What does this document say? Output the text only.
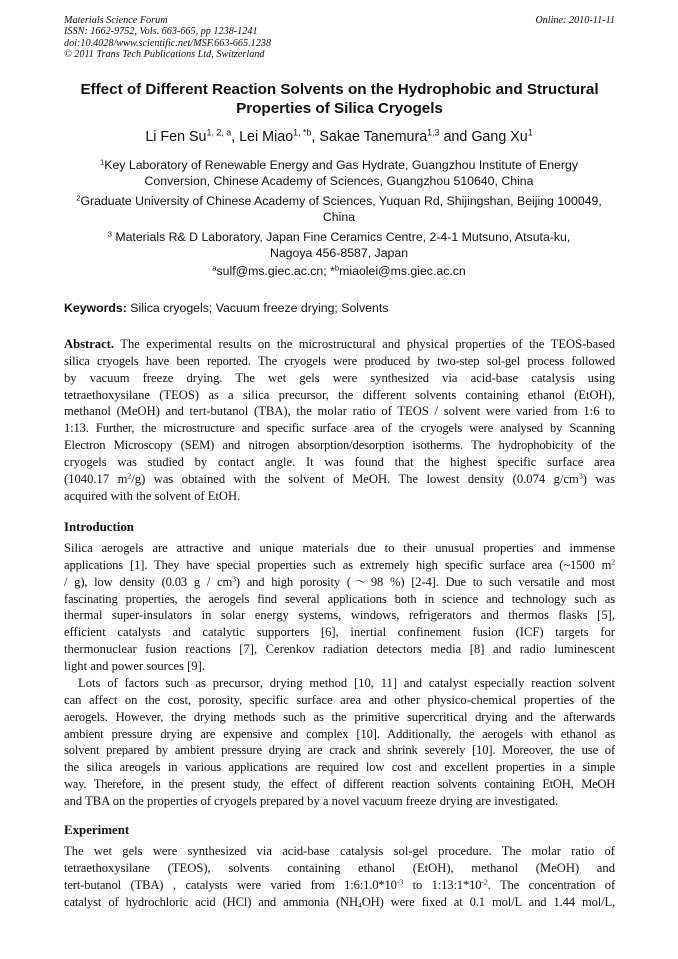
Materials Science Forum
ISSN: 1662-9752, Vols. 663-665, pp 1238-1241
doi:10.4028/www.scientific.net/MSF.663-665.1238
© 2011 Trans Tech Publications Ltd, Switzerland
Online: 2010-11-11
Effect of Different Reaction Solvents on the Hydrophobic and Structural
Properties of Silica Cryogels
Li Fen Su$^{1, 2, a}$, Lei Miao$^{1, *b}$, Sakae Tanemura$^{1,3}$ and Gang Xu$^1$
$^1$Key Laboratory of Renewable Energy and Gas Hydrate, Guangzhou Institute of Energy
Conversion, Chinese Academy of Sciences, Guangzhou 510640, China
$^2$Graduate University of Chinese Academy of Sciences, Yuquan Rd, Shijingshan, Beijing 100049,
China
$^3$ Materials R& D Laboratory, Japan Fine Ceramics Centre, 2-4-1 Mutsuno, Atsuta-ku,
Nagoya 456-8587, Japan
$^a$sulf@ms.giec.ac.cn; *$^b$miaolei@ms.giec.ac.cn
Keywords: Silica cryogels; Vacuum freeze drying; Solvents
Abstract. The experimental results on the microstructural and physical properties of the TEOS-based
silica cryogels have been reported. The cryogels were produced by two-step sol-gel process followed
by vacuum freeze drying. The wet gels were synthesized via acid-base catalysis using
tetraethoxysilane (TEOS) as a silica precursor, the different solvents containing ethanol (EtOH),
methanol (MeOH) and tert-butanol (TBA), the molar ratio of TEOS / solvent were varied from 1:6 to
1:13. Further, the microstructure and specific surface area of the cryogels were analysed by Scanning
Electron Microscopy (SEM) and nitrogen absorption/desorption isotherms. The hydrophobicity of the
cryogels was studied by contact angle. It was found that the highest specific surface area
(1040.17 $m^2/g$) was obtained with the solvent of MeOH. The lowest density (0.074 $g/cm^3$) was
acquired with the solvent of EtOH.
Introduction
Silica aerogels are attractive and unique materials due to their unusual properties and immense
applications [1]. They have special properties such as extremely high specific surface area (~1500 $m^2$
/ g), low density (0.03 g / $cm^3$) and high porosity (～98 %) [2-4]. Due to such versatile and most
fascinating properties, the aerogels find several applications both in science and technology such as
thermal super-insulators in solar energy systems, windows, refrigerators and thermos flasks [5],
efficient catalysts and catalytic supporters [6], inertial confinement fusion (ICF) targets for
thermonuclear fusion reactions [7], Cerenkov radiation detectors media [8] and radio luminescent
light and power sources [9].
Lots of factors such as precursor, drying method [10, 11] and catalyst especially reaction solvent
can affect on the cost, porosity, specific surface area and other physico-chemical properties of the
aerogels. However, the drying methods such as the primitive supercritical drying and the afterwards
ambient pressure drying are expensive and complex [10]. Additionally, the aerogels with ethanol as
solvent prepared by ambient pressure drying are crack and shrink severely [10]. Moreover, the use of
the silica areogels in various applications are required low cost and excellent properties in a simple
way. Therefore, in the present study, the effect of different reaction solvents containing EtOH, MeOH
and TBA on the properties of cryogels prepared by a novel vacuum freeze drying are investigated.
Experiment
The wet gels were synthesized via acid-base catalysis sol-gel procedure. The molar ratio of
tetraethoxysilane (TEOS), solvents containing ethanol (EtOH), methanol (MeOH) and
tert-butanol (TBA) , catalysts were varied from $1:6:1.0*10^{-3}$ to $1:13:1*10^{-2}$. The concentration of
catalyst of hydrochloric acid (HCl) and ammonia $(NH_4OH)$ were fixed at 0.1 mol/L and 1.44 mol/L,
